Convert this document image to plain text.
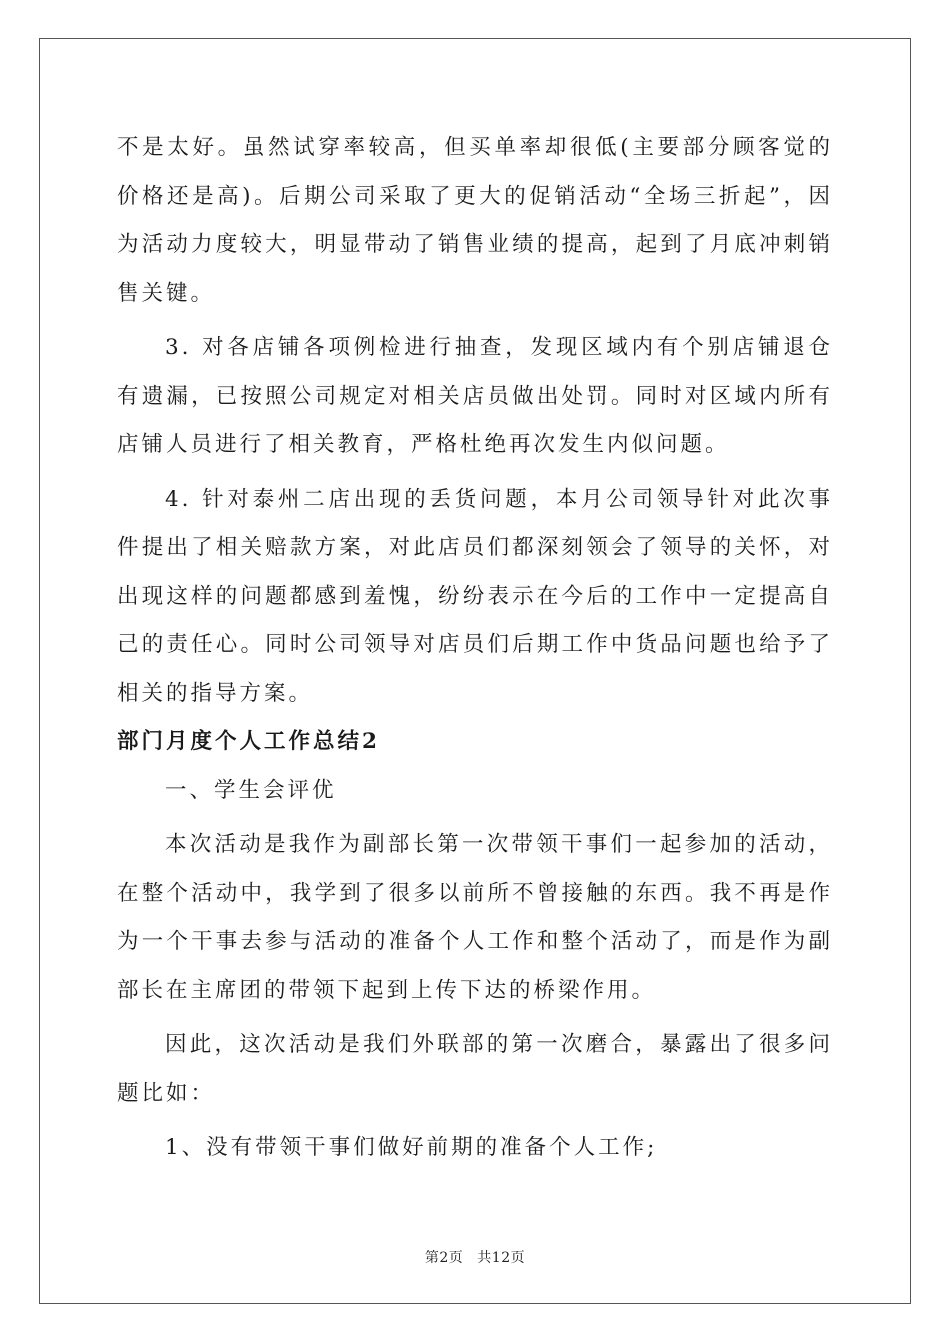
不是太好。虽然试穿率较高，但买单率却很低(主要部分顾客觉的价格还是高)。后期公司采取了更大的促销活动“全场三折起”，因为活动力度较大，明显带动了销售业绩的提高，起到了月底冲刺销售关键。

3. 对各店铺各项例检进行抽查，发现区域内有个别店铺退仓有遗漏，已按照公司规定对相关店员做出处罚。同时对区域内所有店铺人员进行了相关教育，严格杜绝再次发生内似问题。

4. 针对泰州二店出现的丢货问题，本月公司领导针对此次事件提出了相关赔款方案，对此店员们都深刻领会了领导的关怀，对出现这样的问题都感到羞愧，纷纷表示在今后的工作中一定提高自己的责任心。同时公司领导对店员们后期工作中货品问题也给予了相关的指导方案。

部门月度个人工作总结2

一、学生会评优

本次活动是我作为副部长第一次带领干事们一起参加的活动，在整个活动中，我学到了很多以前所不曾接触的东西。我不再是作为一个干事去参与活动的准备个人工作和整个活动了，而是作为副部长在主席团的带领下起到上传下达的桥梁作用。

因此，这次活动是我们外联部的第一次磨合，暴露出了很多问题比如：

1、没有带领干事们做好前期的准备个人工作;

第2页 共12页
